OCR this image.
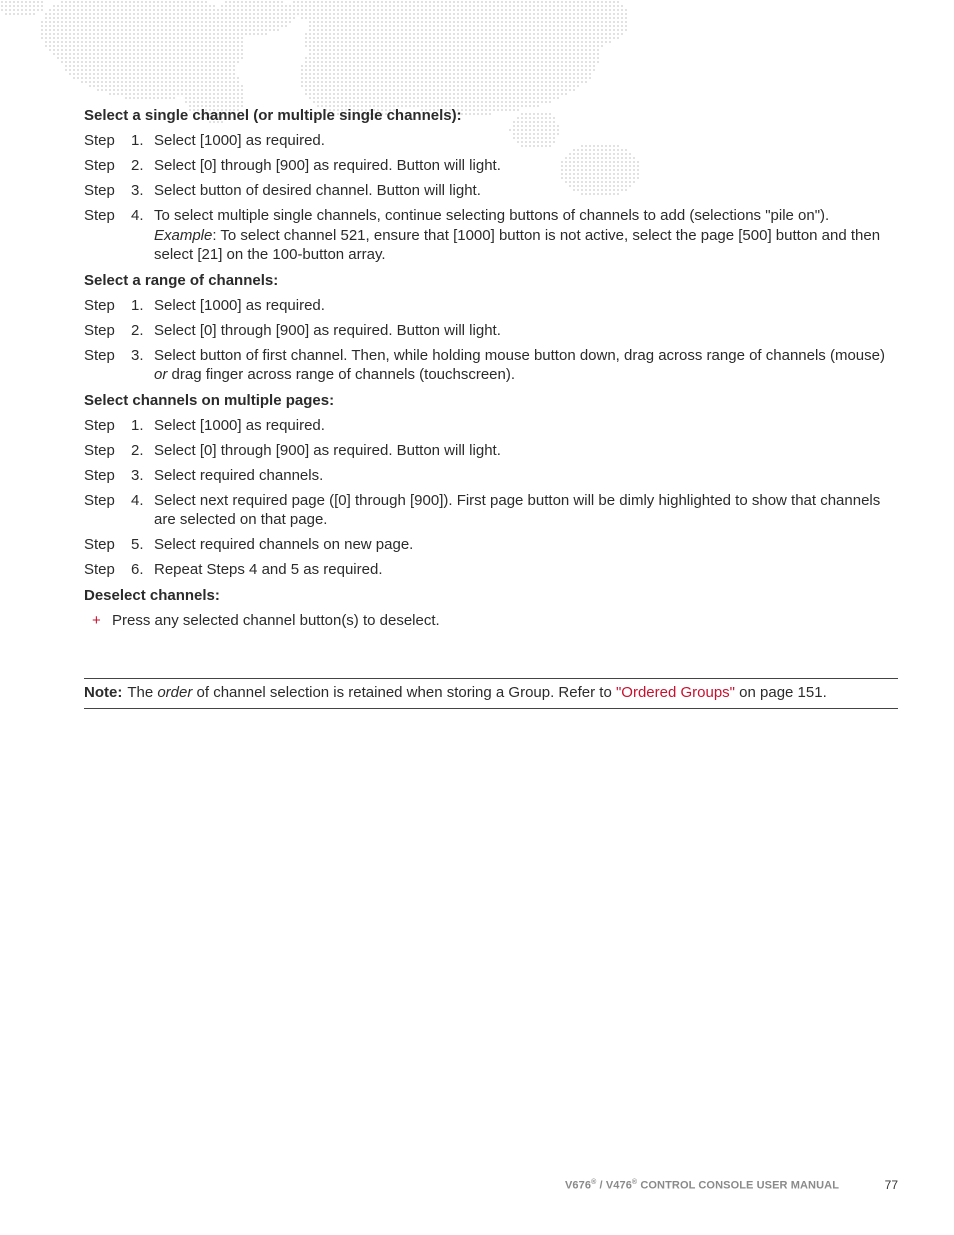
Select a single channel (or multiple single channels):
Step	1. Select [1000] as required.
Step	2. Select [0] through [900] as required. Button will light.
Step	3. Select button of desired channel. Button will light.
Step	4. To select multiple single channels, continue selecting buttons of channels to add (selections "pile on").
Example: To select channel 521, ensure that [1000] button is not active, select the page [500] button and then select [21] on the 100-button array.
Select a range of channels:
Step	1. Select [1000] as required.
Step	2. Select [0] through [900] as required. Button will light.
Step	3. Select button of first channel. Then, while holding mouse button down, drag across range of channels (mouse) or drag finger across range of channels (touchscreen).
Select channels on multiple pages:
Step	1. Select [1000] as required.
Step	2. Select [0] through [900] as required. Button will light.
Step	3. Select required channels.
Step	4. Select next required page ([0] through [900]). First page button will be dimly highlighted to show that channels are selected on that page.
Step	5. Select required channels on new page.
Step	6. Repeat Steps 4 and 5 as required.
Deselect channels:
+ Press any selected channel button(s) to deselect.
Note: The order of channel selection is retained when storing a Group. Refer to "Ordered Groups" on page 151.
V676® / V476® CONTROL CONSOLE USER MANUAL	77
